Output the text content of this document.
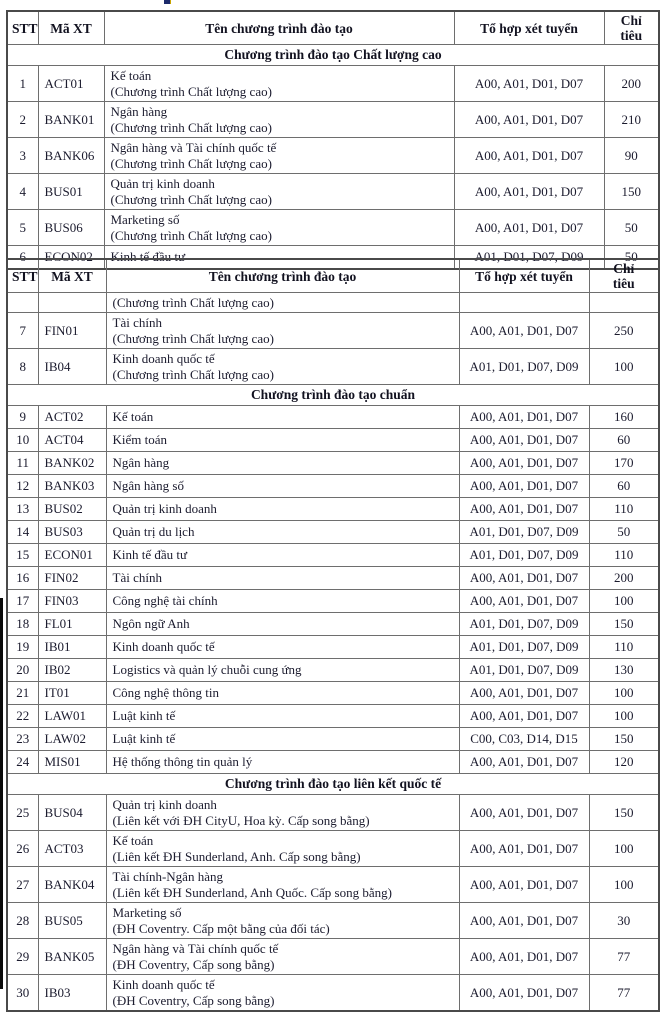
STT	Mã XT	Tên chương trình đào tạo	Tổ hợp xét tuyển	Chỉ tiêu
Chương trình đào tạo Chất lượng cao				
1	ACT01	Kế toán
(Chương trình Chất lượng cao)	A00, A01, D01, D07	200
2	BANK01	Ngân hàng
(Chương trình Chất lượng cao)	A00, A01, D01, D07	210
3	BANK06	Ngân hàng và Tài chính quốc tế
(Chương trình Chất lượng cao)	A00, A01, D01, D07	90
4	BUS01	Quản trị kinh doanh
(Chương trình Chất lượng cao)	A00, A01, D01, D07	150
5	BUS06	Marketing số
(Chương trình Chất lượng cao)	A00, A01, D01, D07	50
6	ECON02	Kinh tế đầu tư	A01, D01, D07, D09	50
STT	Mã XT	Tên chương trình đào tạo	Tổ hợp xét tuyển	Chỉ tiêu

		(Chương trình Chất lượng cao)		

7	FIN01	Tài chính
(Chương trình Chất lượng cao)	A00, A01, D01, D07	250
8	IB04	Kinh doanh quốc tế
(Chương trình Chất lượng cao)	A01, D01, D07, D09	100
Chương trình đào tạo chuẩn				
9	ACT02	Kế toán	A00, A01, D01, D07	160
10	ACT04	Kiểm toán	A00, A01, D01, D07	60
11	BANK02	Ngân hàng	A00, A01, D01, D07	170
12	BANK03	Ngân hàng số	A00, A01, D01, D07	60
13	BUS02	Quản trị kinh doanh	A00, A01, D01, D07	110
14	BUS03	Quản trị du lịch	A01, D01, D07, D09	50
15	ECON01	Kinh tế đầu tư	A01, D01, D07, D09	110
16	FIN02	Tài chính	A00, A01, D01, D07	200
17	FIN03	Công nghệ tài chính	A00, A01, D01, D07	100
18	FL01	Ngôn ngữ Anh	A01, D01, D07, D09	150
19	IB01	Kinh doanh quốc tế	A01, D01, D07, D09	110
20	IB02	Logistics và quản lý chuỗi cung ứng	A01, D01, D07, D09	130
21	IT01	Công nghệ thông tin	A00, A01, D01, D07	100
22	LAW01	Luật kinh tế	A00, A01, D01, D07	100
23	LAW02	Luật kinh tế	C00, C03, D14, D15	150
24	MIS01	Hệ thống thông tin quản lý	A00, A01, D01, D07	120
Chương trình đào tạo liên kết quốc tế				
25	BUS04	Quản trị kinh doanh
(Liên kết với ĐH CityU, Hoa kỳ. Cấp song bằng)	A00, A01, D01, D07	150
26	ACT03	Kế toán
(Liên kết ĐH Sunderland, Anh. Cấp song bằng)	A00, A01, D01, D07	100
27	BANK04	Tài chính-Ngân hàng
(Liên kết ĐH Sunderland, Anh Quốc. Cấp song bằng)	A00, A01, D01, D07	100
28	BUS05	Marketing số
(ĐH Coventry. Cấp một bằng của đối tác)	A00, A01, D01, D07	30
29	BANK05	Ngân hàng và Tài chính quốc tế
(ĐH Coventry, Cấp song bằng)	A00, A01, D01, D07	77
30	IB03	Kinh doanh quốc tế
(ĐH Coventry, Cấp song bằng)	A00, A01, D01, D07	77
